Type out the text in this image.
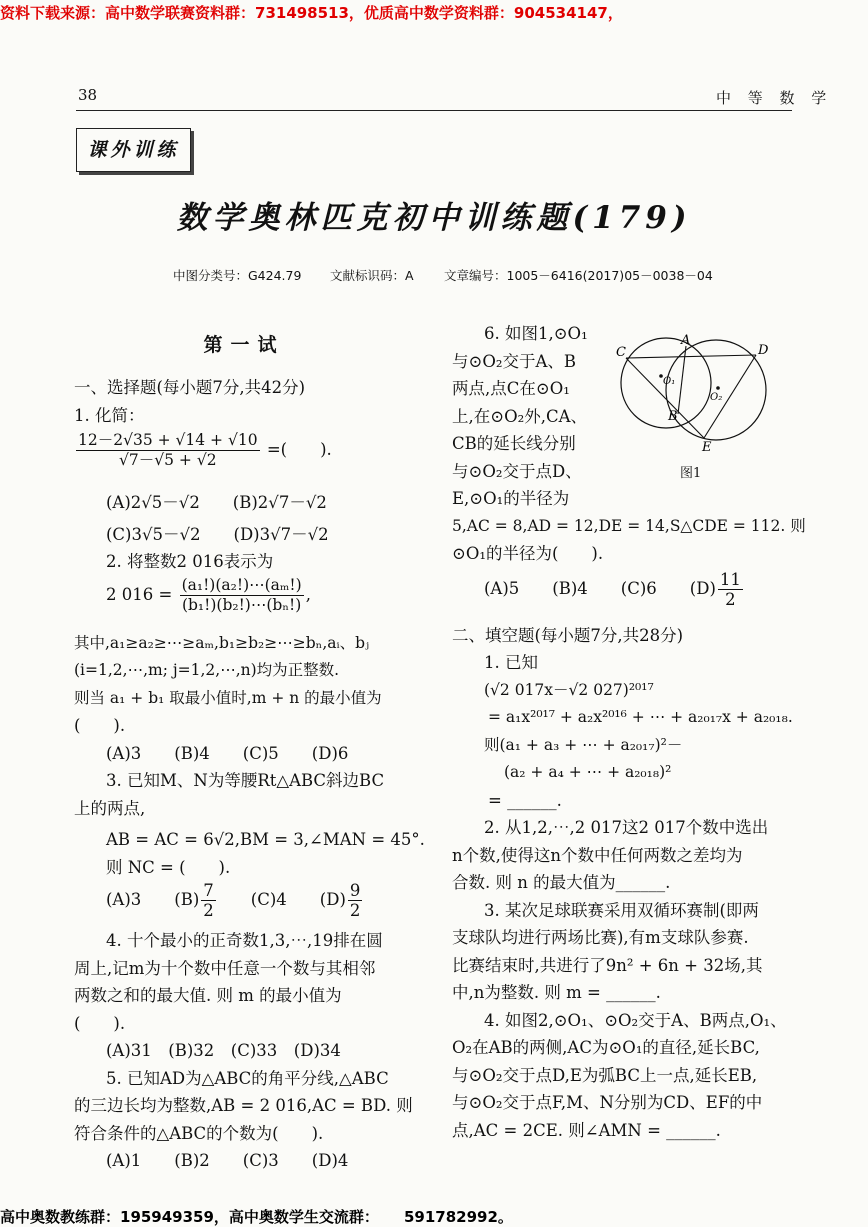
资料下载来源：高中数学联赛资料群：731498513，优质高中数学资料群：904534147，
38	中 等 数 学
课外训练
数学奥林匹克初中训练题(179)
中图分类号：G424.79 文献标识码：A 文章编号：1005－6416(2017)05－0038－04
第一试
一、选择题(每小题7分,共42分)
1. 化简：
$\frac{12-2√35 + √14 + √10}{√7-√5 + √2}$ =(　　).
(A)2√5－√2　　(B)2√7－√2
(C)3√5－√2　　(D)3√7－√2
2. 将整数2 016表示为
2 $016 = \frac{\text{(a₁!)(a₂!)⋯(aₘ!)}}{\text{(b₁!)(b₂!)⋯(bₙ!)}}$ ,
其中,a₁≥a₂≥⋯≥aₘ,b₁≥b₂≥⋯≥bₙ,aᵢ、bⱼ
(i=1,2,⋯,m; j=1,2,⋯,n)均为正整数.
则当 a₁ + b₁ 取最小值时,m + n 的最小值为
(　　).
(A)3　　(B)4　　(C)5　　(D)6
3. 已知M、N为等腰Rt△ABC斜边BC
上的两点,
AB = AC = 6√2,BM = 3,∠MAN = 45°.
则 NC = (　　).
(A)3　　$(B) \frac{7}{2}$ 　　(C)4　　$(D) \frac{9}{2}$
4. 十个最小的正奇数1,3,⋯,19排在圆
周上,记m为十个数中任意一个数与其相邻
两数之和的最大值. 则 m 的最小值为
(　　).
(A)31　(B)32　(C)33　(D)34
5. 已知AD为△ABC的角平分线,△ABC
的三边长均为整数,AB = 2 016,AC = BD. 则
符合条件的△ABC的个数为(　　).
(A)1　　(B)2　　(C)3　　(D)4
6. 如图1,⊙O₁
与⊙O₂交于A、B
两点,点C在⊙O₁
上,在⊙O₂外,CA、
CB的延长线分别
与⊙O₂交于点D、
E,⊙O₁的半径为
5,AC = 8,AD = 12,DE = 14,S△CDE = 112. 则
⊙O₁的半径为(　　).
(A)5　　(B)4　　(C)6　　$(D) \frac{11}{2}$
二、填空题(每小题7分,共28分)
1. 已知
(√2 017x－√2 027)²⁰¹⁷
= a₁x²⁰¹⁷ + a₂x²⁰¹⁶ + ⋯ + a₂₀₁₇x + a₂₀₁₈.
则(a₁ + a₃ + ⋯ + a₂₀₁₇)²－
(a₂ + a₄ + ⋯ + a₂₀₁₈)²
= ______.
2. 从1,2,⋯,2 017这2 017个数中选出
n个数,使得这n个数中任何两数之差均为
合数. 则 n 的最大值为______.
3. 某次足球联赛采用双循环赛制(即两
支球队均进行两场比赛),有m支球队参赛.
比赛结束时,共进行了9n² + 6n + 32场,其
中,n为整数. 则 m = ______.
4. 如图2,⊙O₁、⊙O₂交于A、B两点,O₁、
O₂在AB的两侧,AC为⊙O₁的直径,延长BC,
与⊙O₂交于点D,E为弧BC上一点,延长EB,
与⊙O₂交于点F,M、N分别为CD、EF的中
点,AC = 2CE. 则∠AMN = ______.
C
A
D
O₁
O₂
B
E
图1
高中奥数教练群：195949359，高中奥数学生交流群： 591782992。
